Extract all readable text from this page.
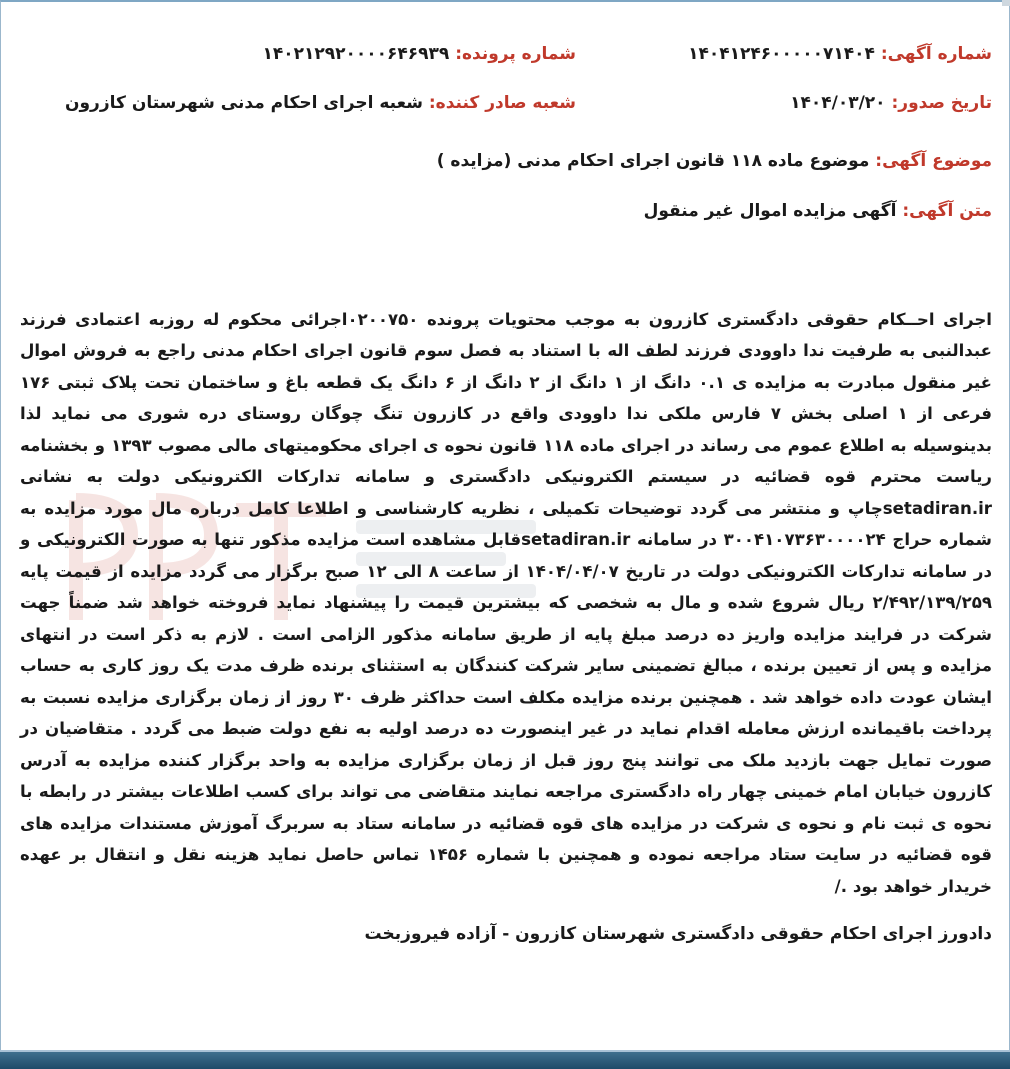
شماره آگهی: ۱۴۰۴۱۲۴۶۰۰۰۰۰۷۱۴۰۴
شماره پرونده: ۱۴۰۲۱۲۹۲۰۰۰۰۶۴۶۹۳۹
تاریخ صدور: ۱۴۰۴/۰۳/۲۰
شعبه صادر کننده: شعبه اجرای احکام مدنی شهرستان کازرون
موضوع آگهی: موضوع ماده ۱۱۸ قانون اجرای احکام مدنی (مزایده )
متن آگهی: آگهی مزایده اموال غیر منقول

اجرای احــکام حقوقی دادگستری کازرون به موجب محتویات پرونده ۰۲۰۰۷۵۰اجرائی محکوم له روزبه اعتمادی فرزند عبدالنبی به طرفیت ندا داوودی فرزند لطف اله با استناد به فصل سوم قانون اجرای احکام مدنی راجع به فروش اموال غیر منقول مبادرت به مزایده ی ۰.۱ دانگ از ۱ دانگ از ۲ دانگ از ۶ دانگ یک قطعه باغ و ساختمان تحت پلاک ثبتی ۱۷۶ فرعی از ۱ اصلی بخش ۷ فارس ملکی ندا داوودی واقع در کازرون تنگ چوگان روستای دره شوری می نماید لذا بدینوسیله به اطلاع عموم می رساند در اجرای ماده ۱۱۸ قانون نحوه ی اجرای محکومیتهای مالی مصوب ۱۳۹۳ و بخشنامه ریاست محترم قوه قضائیه در سیستم الکترونیکی دادگستری و سامانه تدارکات الکترونیکی دولت به نشانی setadiran.irچاپ و منتشر می گردد توضیحات تکمیلی ، نظریه کارشناسی و اطلاعا کامل درباره مال مورد مزایده به شماره حراج ۳۰۰۴۱۰۷۳۶۳۰۰۰۰۲۴ در سامانه setadiran.irقابل مشاهده است مزایده مذکور تنها به صورت الکترونیکی و در سامانه تدارکات الکترونیکی دولت در تاریخ ۱۴۰۴/۰۴/۰۷ از ساعت ۸ الی ۱۲ صبح برگزار می گردد مزایده از قیمت پایه ۲/۴۹۲/۱۳۹/۲۵۹ ریال شروع شده و مال به شخصی که بیشترین قیمت را پیشنهاد نماید فروخته خواهد شد ضمناً جهت شرکت در فرایند مزایده واریز ده درصد مبلغ پایه از طریق سامانه مذکور الزامی است . لازم به ذکر است در انتهای مزایده و پس از تعیین برنده ، مبالغ تضمینی سایر شرکت کنندگان به استثنای برنده ظرف مدت یک روز کاری به حساب ایشان عودت داده خواهد شد . همچنین برنده مزایده مکلف است حداکثر ظرف ۳۰ روز از زمان برگزاری مزایده نسبت به پرداخت باقیمانده ارزش معامله اقدام نماید در غیر اینصورت ده درصد اولیه به نفع دولت ضبط می گردد . متقاضیان در صورت تمایل جهت بازدید ملک می توانند پنج روز قبل از زمان برگزاری مزایده به واحد برگزار کننده مزایده به آدرس کازرون خیابان امام خمینی چهار راه دادگستری مراجعه نمایند متقاضی می تواند برای کسب اطلاعات بیشتر در رابطه با نحوه ی ثبت نام و نحوه ی شرکت در مزایده های قوه قضائیه در سامانه ستاد به سربرگ آموزش مستندات مزایده های قوه قضائیه در سایت ستاد مراجعه نموده و همچنین با شماره ۱۴۵۶ تماس حاصل نماید هزینه نقل و انتقال بر عهده خریدار خواهد بود ./

دادورز اجرای احکام حقوقی دادگستری شهرستان کازرون - آزاده فیروزبخت
